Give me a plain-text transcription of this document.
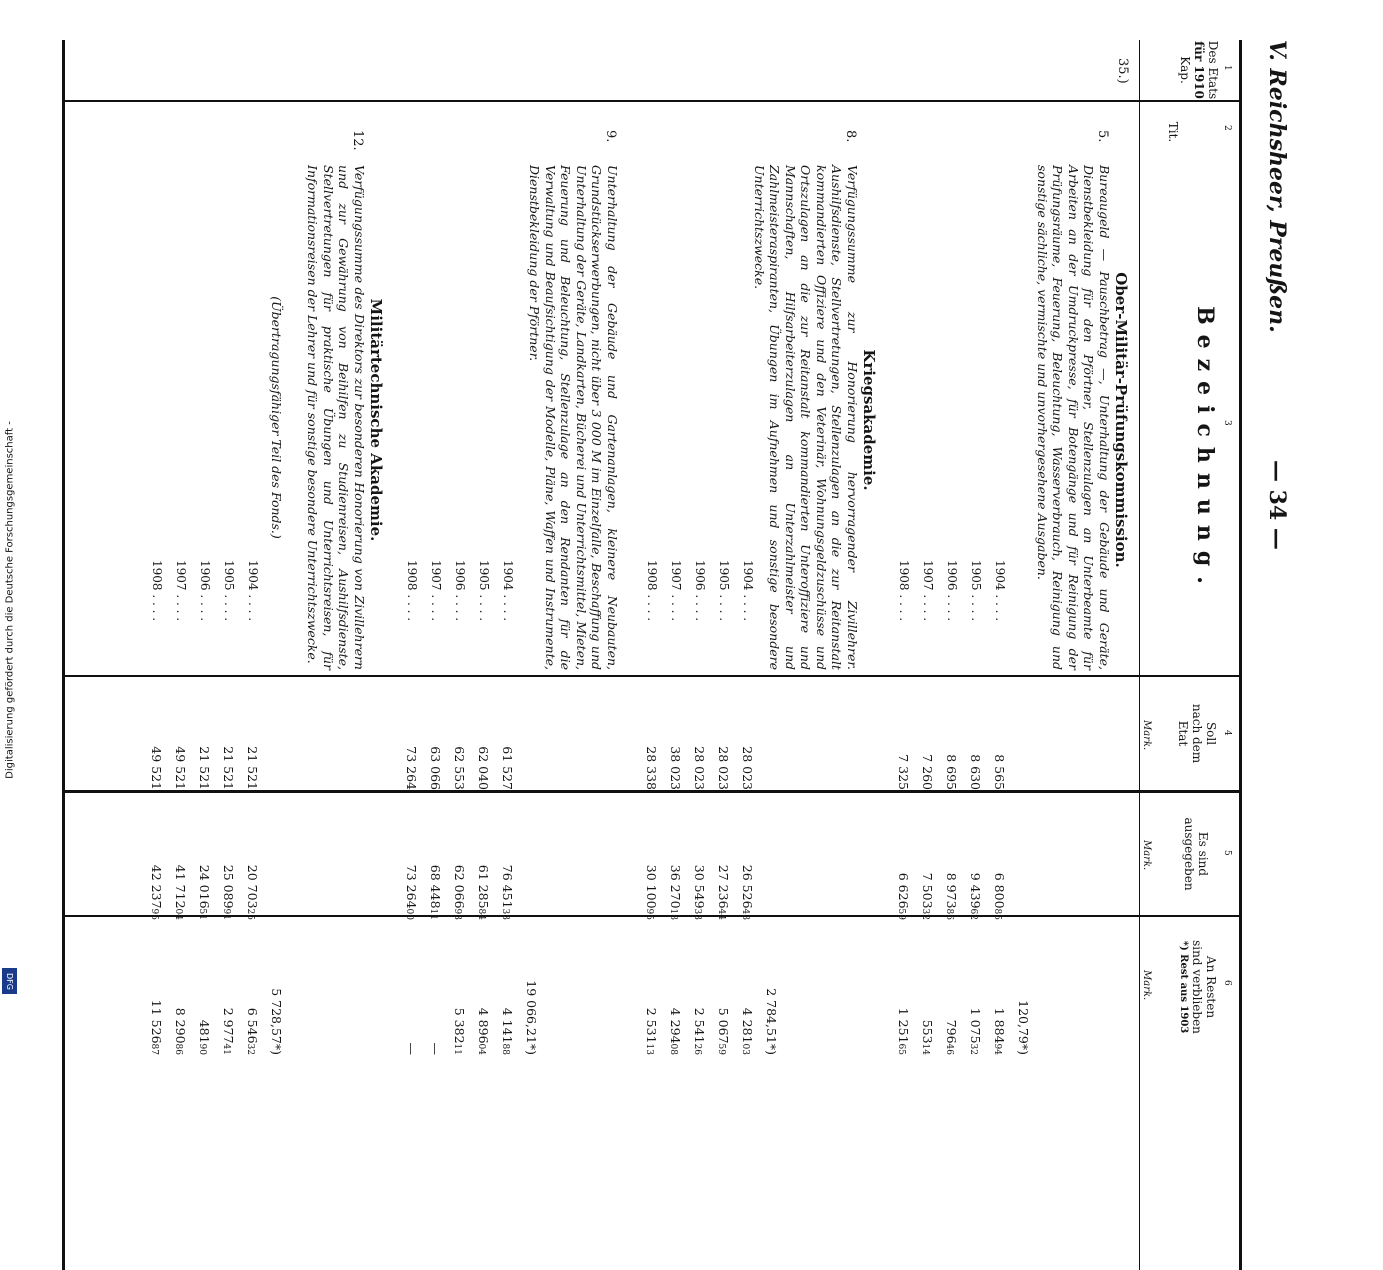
Digitalisierung gefördert durch die Deutsche Forschungsgemeinschaft -
DFG
V. Reichsheer, Preußen.
— 34 —
1
2
3
4
5
6
Des Etats
für 1910
Kap.
Tit.
Bezeichnung.
Soll
nach dem
Etat
Es sind
ausgegeben
An Resten
sind verblieben
*) Rest aus 1903
Mark.
Mark.
Mark.
Ober-Militär-Prüfungskommission.
35.)
5.
Bureaugeld — Pauschbetrag —, Unterhaltung der Gebäude und Geräte, Dienstbekleidung für den Pförtner, Stellenzulagen an Unterbeamte für Arbeiten an der Umdruckpresse, für Botengänge und für Reinigung der Prüfungsräume, Feuerung, Beleuchtung, Wasserverbrauch, Reinigung und sonstige sächliche, vermischte und unvorhergesehene Ausgaben.
1904 . . . .
1905 . . . .
1906 . . . .
1907 . . . .
1908 . . . .
8 565
8 630
8 695
7 260
7 325
6 80085
9 43962
8 97386
7 50332
6 62659
120,79*)
1 88494
1 07532
79646
55314
1 25165
Kriegsakademie.
8.
Verfügungssumme zur Honorierung hervorragender Zivillehrer. Aushilfsdienste, Stellvertretungen, Stellenzulagen an die zur Reitanstalt kommandierten Offiziere und den Veterinär, Wohnungsgeldzuschüsse und Ortszulagen an die zur Reitanstalt kommandierten Unteroffiziere und Mannschaften, Hilfsarbeiterzulagen an Unterzahlmeister und Zahlmeisteraspiranten, Übungen im Aufnehmen und sonstige besondere Unterrichtszwecke.
1904 . . . .
1905 . . . .
1906 . . . .
1907 . . . .
1908 . . . .
28 023
28 023
28 023
38 023
28 338
26 52648
27 23644
30 54933
36 27018
30 10095
2 784,51*)
4 28103
5 06759
2 54126
4 29408
2 53113
9.
Unterhaltung der Gebäude und Gartenanlagen, kleinere Neubauten, Grundstückserwerbungen, nicht über 3 000 M im Einzelfalle, Beschaffung und Unterhaltung der Geräte, Landkarten, Bücherei und Unterrichtsmittel, Mieten, Feuerung und Beleuchtung, Stellenzulage an den Rendanten für die Verwaltung und Beaufsichtigung der Modelle, Pläne, Waffen und Instrumente, Dienstbekleidung der Pförtner.
1904 . . . .
1905 . . . .
1906 . . . .
1907 . . . .
1908 . . . .
61 527
62 040
62 553
63 066
73 264
76 45133
61 28584
62 06693
68 44811
73 26400
19 066,21*)
4 14188
4 89604
5 38211
—
—
Militärtechnische Akademie.
12.
Verfügungssumme des Direktors zur besonderen Honorierung von Zivillehrern und zur Gewährung von Beihilfen zu Studienreisen, Aushilfsdienste, Stellvertretungen für praktische Übungen und Unterrichtsreisen, für Informationsreisen der Lehrer und für sonstige besondere Unterrichtszwecke.
(Übertragungsfähiger Teil des Fonds.)
1904 . . . .
1905 . . . .
1906 . . . .
1907 . . . .
1908 . . . .
21 521
21 521
21 521
49 521
49 521
20 70325
25 08991
24 01651
41 71204
42 23795
5 728,57*)
6 54632
2 97741
48190
8 29086
11 52687
